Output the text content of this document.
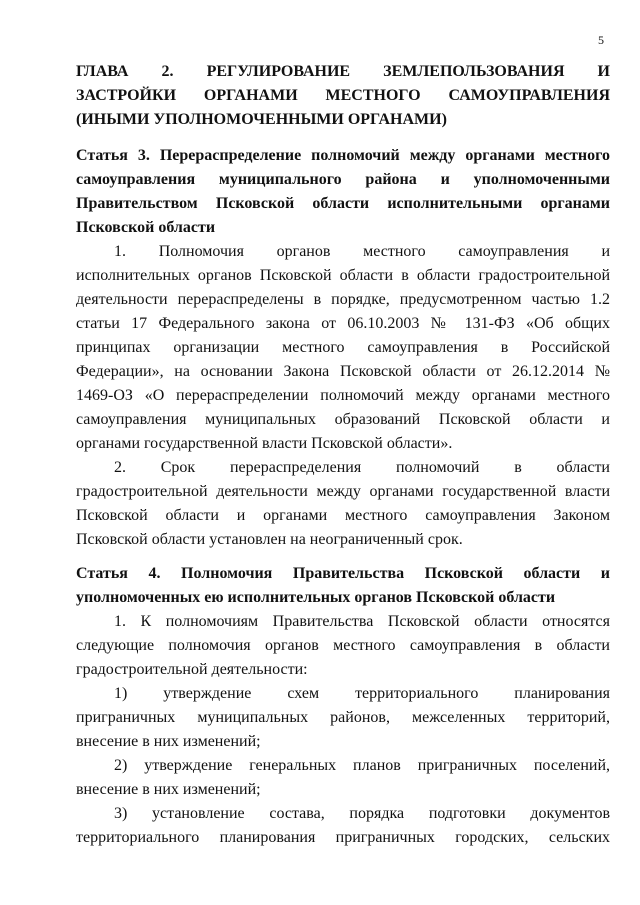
5
ГЛАВА 2. РЕГУЛИРОВАНИЕ ЗЕМЛЕПОЛЬЗОВАНИЯ И
ЗАСТРОЙКИ ОРГАНАМИ МЕСТНОГО САМОУПРАВЛЕНИЯ
(ИНЫМИ УПОЛНОМОЧЕННЫМИ ОРГАНАМИ)
Статья 3. Перераспределение полномочий между органами местного
самоуправления муниципального района и уполномоченными
Правительством Псковской области исполнительными органами
Псковской области
1. Полномочия органов местного самоуправления и
исполнительных органов Псковской области в области градостроительной
деятельности перераспределены в порядке, предусмотренном частью 1.2
статьи 17 Федерального закона от 06.10.2003 № 131-ФЗ «Об общих
принципах организации местного самоуправления в Российской
Федерации», на основании Закона Псковской области от 26.12.2014 №
1469-ОЗ «О перераспределении полномочий между органами местного
самоуправления муниципальных образований Псковской области и
органами государственной власти Псковской области».
2. Срок перераспределения полномочий в области
градостроительной деятельности между органами государственной власти
Псковской области и органами местного самоуправления Законом
Псковской области установлен на неограниченный срок.
Статья 4. Полномочия Правительства Псковской области и
уполномоченных ею исполнительных органов Псковской области
1. К полномочиям Правительства Псковской области относятся
следующие полномочия органов местного самоуправления в области
градостроительной деятельности:
1) утверждение схем территориального планирования
приграничных муниципальных районов, межселенных территорий,
внесение в них изменений;
2) утверждение генеральных планов приграничных поселений,
внесение в них изменений;
3) установление состава, порядка подготовки документов
территориального планирования приграничных городских, сельских
